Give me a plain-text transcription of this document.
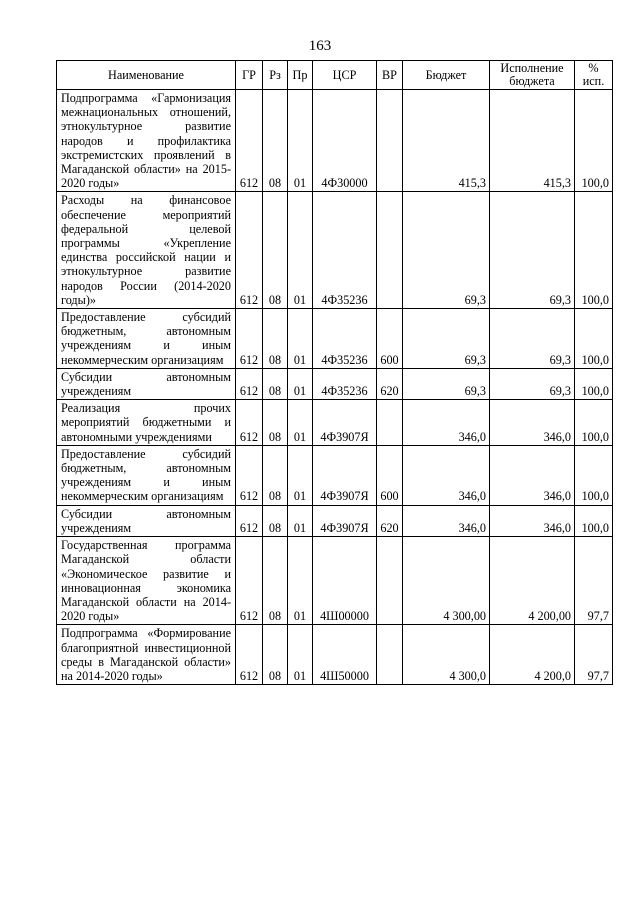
163
Наименование	ГР	Рз	Пр	ЦСР	ВР	Бюджет	Исполнение бюджета	% исп.
Подпрограмма «Гармонизация межнациональных отношений, этнокультурное развитие народов и профилактика экстремистских проявлений в Магаданской области» на 2015-2020 годы»	612	08	01	4Ф30000		415,3	415,3	100,0
Расходы на финансовое обеспечение мероприятий федеральной целевой программы «Укрепление единства российской нации и этнокультурное развитие народов России (2014-2020 годы)»	612	08	01	4Ф35236		69,3	69,3	100,0
Предоставление субсидий бюджетным, автономным учреждениям и иным некоммерческим организациям	612	08	01	4Ф35236	600	69,3	69,3	100,0
Субсидии автономным учреждениям	612	08	01	4Ф35236	620	69,3	69,3	100,0
Реализация прочих мероприятий бюджетными и автономными учреждениями	612	08	01	4Ф3907Я		346,0	346,0	100,0
Предоставление субсидий бюджетным, автономным учреждениям и иным некоммерческим организациям	612	08	01	4Ф3907Я	600	346,0	346,0	100,0
Субсидии автономным учреждениям	612	08	01	4Ф3907Я	620	346,0	346,0	100,0
Государственная программа Магаданской области «Экономическое развитие и инновационная экономика Магаданской области на 2014-2020 годы»	612	08	01	4Ш00000		4 300,00	4 200,00	97,7
Подпрограмма «Формирование благоприятной инвестиционной среды в Магаданской области» на 2014-2020 годы»	612	08	01	4Ш50000		4 300,0	4 200,0	97,7
